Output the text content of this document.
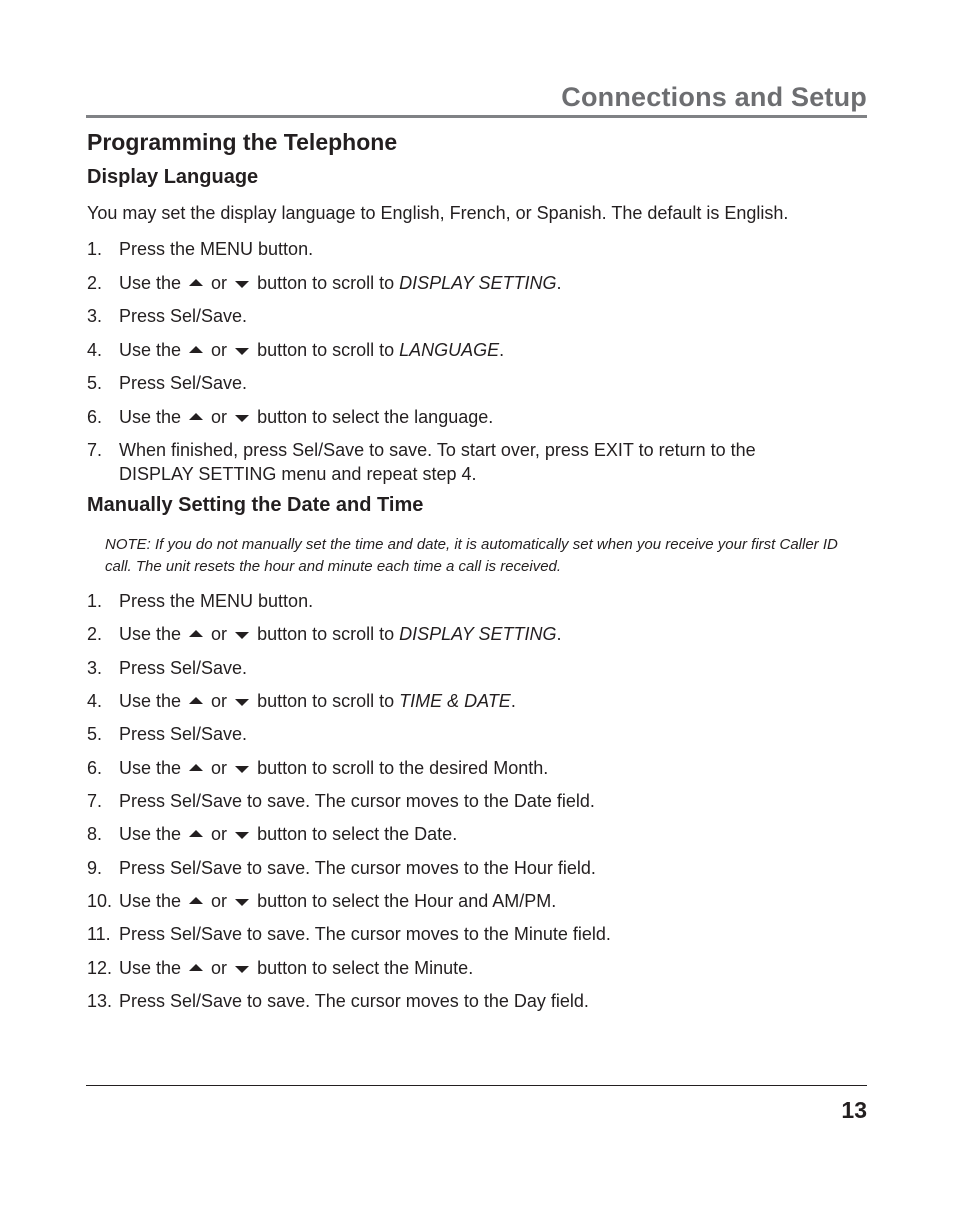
Connections and Setup
Programming the Telephone
Display Language
You may set the display language to English, French, or Spanish. The default is English.
1. Press the MENU button.
2. Use the or button to scroll to DISPLAY SETTING.
3. Press Sel/Save.
4. Use the or button to scroll to LANGUAGE.
5. Press Sel/Save.
6. Use the or button to select the language.
7. When finished, press Sel/Save to save. To start over, press EXIT to return to the DISPLAY SETTING menu and repeat step 4.
Manually Setting the Date and Time
NOTE: If you do not manually set the time and date, it is automatically set when you receive your first Caller ID call. The unit resets the hour and minute each time a call is received.
1. Press the MENU button.
2. Use the or button to scroll to DISPLAY SETTING.
3. Press Sel/Save.
4. Use the or button to scroll to TIME & DATE.
5. Press Sel/Save.
6. Use the or button to scroll to the desired Month.
7. Press Sel/Save to save. The cursor moves to the Date field.
8. Use the or button to select the Date.
9. Press Sel/Save to save. The cursor moves to the Hour field.
10. Use the or button to select the Hour and AM/PM.
11. Press Sel/Save to save. The cursor moves to the Minute field.
12. Use the or button to select the Minute.
13. Press Sel/Save to save. The cursor moves to the Day field.
13
